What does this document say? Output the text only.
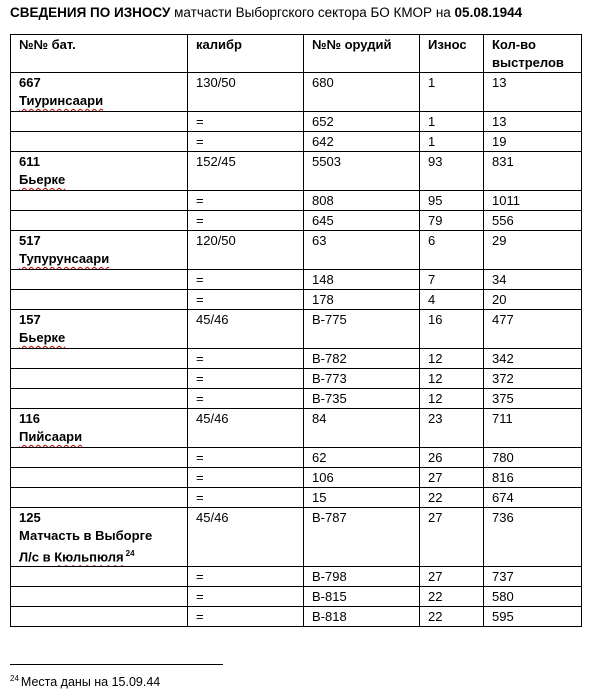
СВЕДЕНИЯ ПО ИЗНОСУ матчасти Выборгского сектора БО КМОР на 05.08.1944
№№ бат.	калибр	№№ орудий	Износ	Кол-во выстрелов

667
Тиуринсаари	130/50	680	1	13
	=	652	1	13
	=	642	1	19

611
Бьерке	152/45	5503	93	831
	=	808	95	1011
	=	645	79	556

517
Тупурунсаари	120/50	63	6	29
	=	148	7	34
	=	178	4	20

157
Бьерке	45/46	В-775	16	477
	=	В-782	12	342
	=	В-773	12	372
	=	В-735	12	375

116
Пийсаари	45/46	84	23	711
	=	62	26	780
	=	106	27	816
	=	15	22	674

125
Матчасть в Выборге
Л/с в Кюльпюля $^{24}$	45/46	В-787	27	736
	=	В-798	27	737
	=	В-815	22	580
	=	В-818	22	595
$^{24}$ Места даны на 15.09.44
